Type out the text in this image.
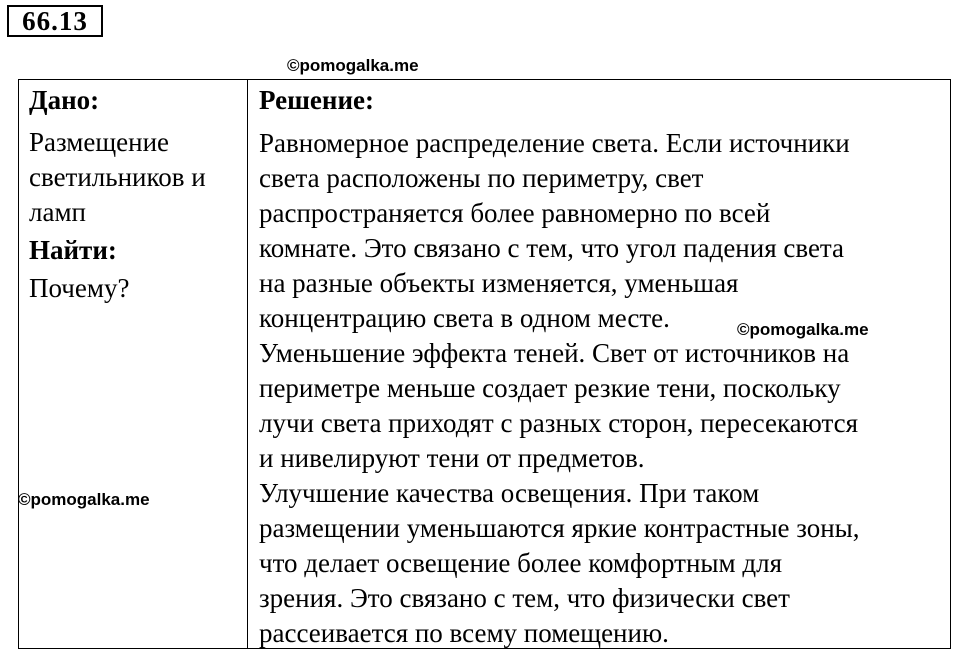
66.13
©pomogalka.me
Дано:
Размещение
светильников и
ламп
Найти:
Почему?
Решение:
Равномерное распределение света. Если источники
света расположены по периметру, свет
распространяется более равномерно по всей
комнате. Это связано с тем, что угол падения света
на разные объекты изменяется, уменьшая
концентрацию света в одном месте.
Уменьшение эффекта теней. Свет от источников на
периметре меньше создает резкие тени, поскольку
лучи света приходят с разных сторон, пересекаются
и нивелируют тени от предметов.
Улучшение качества освещения. При таком
размещении уменьшаются яркие контрастные зоны,
что делает освещение более комфортным для
зрения. Это связано с тем, что физически свет
рассеивается по всему помещению.
©pomogalka.me
©pomogalka.me
